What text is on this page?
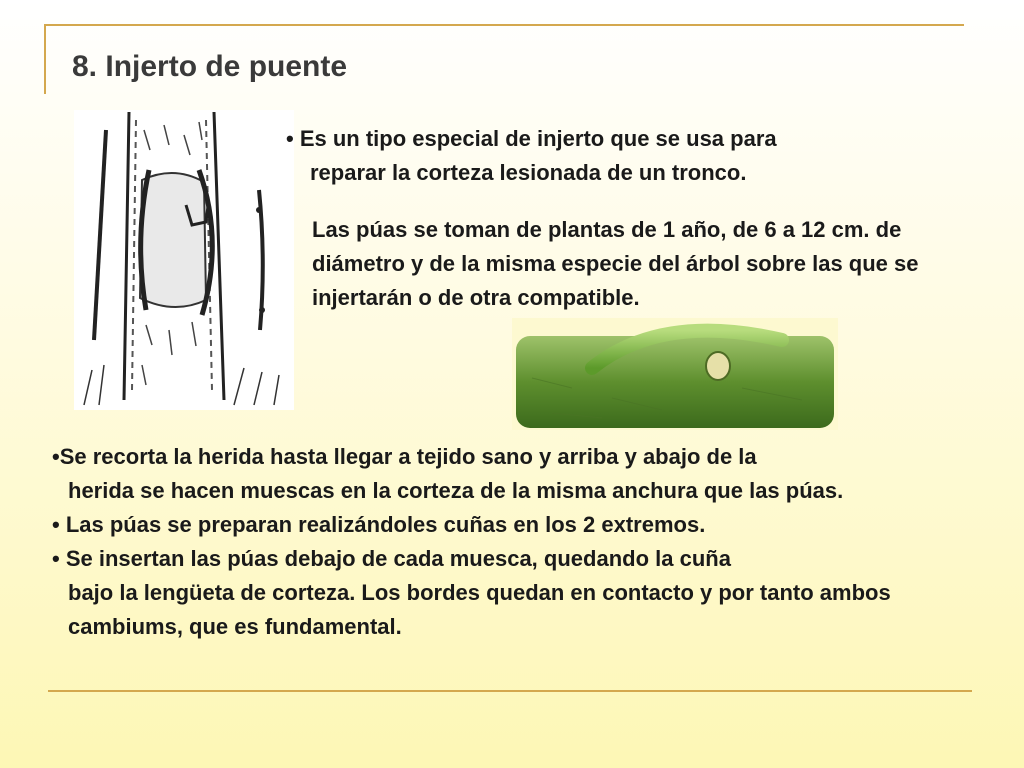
8. Injerto de puente
• Es un tipo especial de injerto que se usa para
reparar la corteza lesionada de un tronco.
Las púas se toman de plantas de 1 año, de 6 a 12 cm. de diámetro y de la misma especie del árbol sobre las que se injertarán o de otra compatible.
•Se recorta la herida hasta llegar a tejido sano y arriba y abajo de la
herida se hacen muescas en la corteza de la misma anchura que las púas.
• Las púas se preparan realizándoles cuñas en los 2 extremos.
• Se insertan las púas debajo de cada muesca, quedando la cuña
bajo la lengüeta de corteza. Los bordes quedan en contacto y por tanto ambos cambiums, que es fundamental.
